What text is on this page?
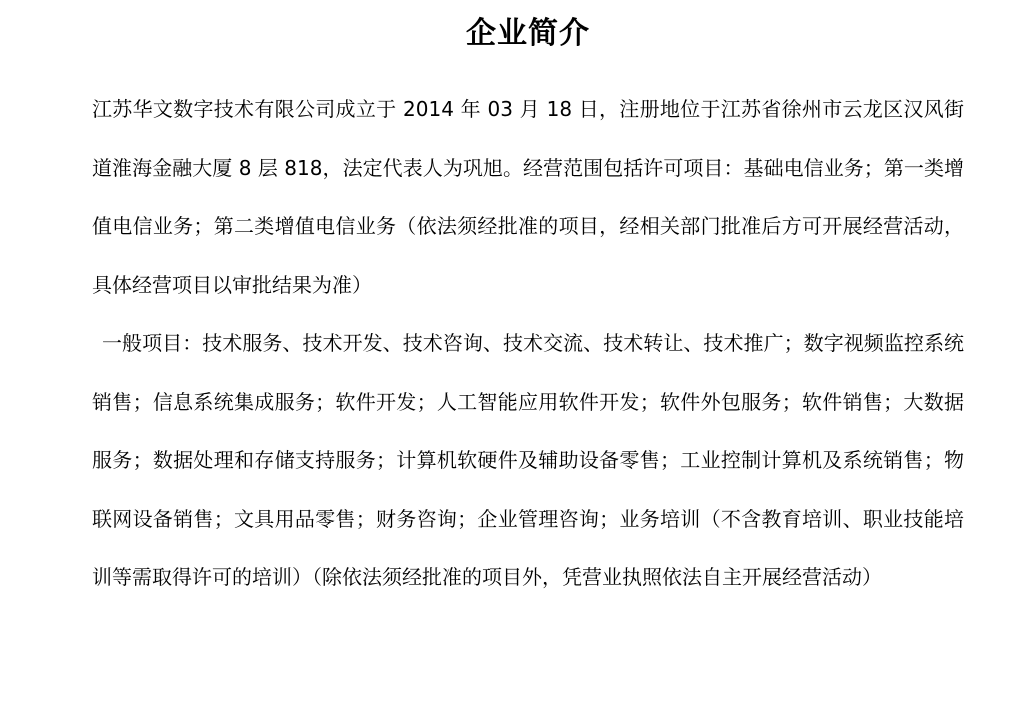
企业简介

江苏华文数字技术有限公司成立于 2014 年 03 月 18 日，注册地位于江苏省徐州市云龙区汉风街道淮海金融大厦 8 层 818，法定代表人为巩旭。经营范围包括许可项目：基础电信业务；第一类增值电信业务；第二类增值电信业务（依法须经批准的项目，经相关部门批准后方可开展经营活动，具体经营项目以审批结果为准）

一般项目：技术服务、技术开发、技术咨询、技术交流、技术转让、技术推广；数字视频监控系统销售；信息系统集成服务；软件开发；人工智能应用软件开发；软件外包服务；软件销售；大数据服务；数据处理和存储支持服务；计算机软硬件及辅助设备零售；工业控制计算机及系统销售；物联网设备销售；文具用品零售；财务咨询；企业管理咨询；业务培训（不含教育培训、职业技能培训等需取得许可的培训）（除依法须经批准的项目外，凭营业执照依法自主开展经营活动）
